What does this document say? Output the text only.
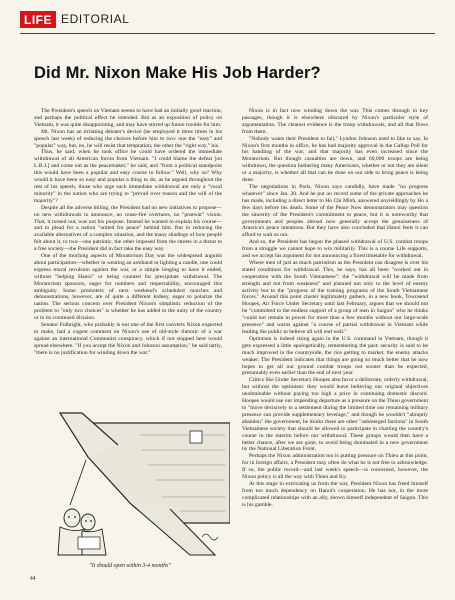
LIFE EDITORIAL
Did Mr. Nixon Make His Job Harder?

The President's speech on Vietnam seems to have had an initially good reaction, and perhaps the political effect he intended. But as an exposition of policy on Vietnam, it was quite disappointing, and may have stirred up future trouble for him.

Mr. Nixon has an irritating debater's device (he employed it three times in his speech last week) of reducing the choices before him to two: one the "easy" and "popular" way, but, no, he will resist that temptation; the other the "right way," his.

Thus, he said, when he took office he could have ordered the immediate withdrawal of all American forces from Vietnam. "I could blame the defeat [on L.B.J.] and come out as the peacemaker," he said, and "from a political standpoint this would have been a popular and easy course to follow." Well, why so? Why would it have been so easy and popular a thing to do, as he argued throughout the rest of his speech, those who urge such immediate withdrawal are only a "vocal minority" in the nation who are trying to "prevail over reason and the will of the majority"?

Despite all the adverse billing, the President had no new initiatives to propose—no new withdrawals to announce, no cease-fire overtures, no "postwar" vision. That, it turned out, was not his purpose. Instead he wanted to explain his course—and to plead for a nation "united for peace" behind him. But in reducing the available alternatives of a complex situation, and the many shadings of how people felt about it, to two—one patriotic, the other imposed from the streets in a threat to a free society—the President did in fact take the easy way.

One of the touching aspects of Moratorium Day was the widespread anguish about participation—whether in wearing an armband or lighting a candle, one could express moral revulsion against the war, or a simple longing to have it ended, without "helping Hanoi" or being counted for precipitate withdrawal. The Moratorium sponsors, eager for numbers and respectability, encouraged this ambiguity. Some promoters of next weekend's scheduled marches and demonstrations, however, are of quite a different kidney, eager to polarize the nation. The serious concern over President Nixon's simplistic reduction of the problem to "only two choices" is whether he has added to the unity of the country or to its continued division.

Senator Fulbright, who probably is not one of the first converts Nixon expected to make, had a cogent comment on Nixon's use of old-style rhetoric of a war against an international Communist conspiracy, which if not stopped here would spread elsewhere. "If you accept the Nixon and Johnson assumption," he said tartly, "there is no justification for winding down the war."

Nixon is in fact now winding down the war. This comes through in key passages, though it is elsewhere obscured by Nixon's particular style of argumentation. The clearest evidence is the troop withdrawals, and all that flows from them.

"Nobody wants their President to fail," Lyndon Johnson used to like to say. In Nixon's first months in office, he has had majority approval in the Gallup Poll for his handling of the war, and that majority has even increased since the Moratorium. But though casualties are down, and 60,000 troops are being withdrawn, the question bothering many Americans, whether or not they are silent or a majority, is whether all that can be done on our side to bring peace is being done.

The negotiations in Paris, Nixon says candidly, have made "no progress whatever" since Jan. 20. And he put on record some of the private approaches he has made, including a direct letter to Ho Chi Minh, answered unyieldingly by Ho a few days before his death. Some of the Peace Now demonstrators may question the sincerity of the President's commitment to peace, but it is noteworthy that governments and peoples abroad now generally accept the genuineness of America's peace intentions. But they have also concluded that Hanoi feels it can afford to wait us out.

And so, the President has begun the phased withdrawal of U.S. combat troops from a struggle we cannot hope to win militarily. This is a course Life supports, and we accept his argument for not announcing a fixed timetable for withdrawal.

Where men of just as much patriotism as the President can disagree is over his stated conditions for withdrawal. This, he says, has all been "worked out in cooperation with the South Vietnamese": the "withdrawal will be made from strength and not from weakness" and planned not only to the level of enemy activity but to the "progress of the training programs of the South Vietnamese forces." Around this point cluster legitimately gathers, in a new book, Townsend Hoopes, Air Force Under Secretary until last February, argues that we should not be "committed to the endless support of a group of men in Saigon" who he thinks "could not remain in power for more than a few months without our large-scale presence" and warns against "a course of partial withdrawal in Vietnam while leading the public to believe all will end well."

Optimism is indeed rising again in the U.S. command in Vietnam, though it gets expressed a little apologetically, remembering the past: security is said to be much improved in the countryside, the rice getting to market, the enemy attacks weaker. The President indicates that things are going so much better that he now hopes to get all our ground combat troops out sooner than he expected, presumably even earlier than the end of next year.

Critics like Under Secretary Hoopes also favor a deliberate, orderly withdrawal, but without the optimism: they would leave believing our original objectives unobtainable without paying too high a price in continuing domestic discord. Hoopes would use our impending departure as a pressure on the Thieu government to "move decisively to a settlement during the limited time our remaining military presence can provide supplementary leverage," and though he wouldn't "abruptly abandon" the government, he thinks there are other "submerged factions" in South Vietnamese society that should be allowed to participate in charting the country's course in the interim before our withdrawal. These groups would then have a better chance, after we are gone, to avoid being dominated in a new government by the National Liberation Front.

Perhaps the Nixon administration too is putting pressure on Thieu at this point, for in foreign affairs, a President may often do what he is not free to acknowledge. If so, the public record—and last week's speech—is concerned, however, the Nixon policy is all the way with Thieu and Ky.

At this stage in extricating us from the war, President Nixon has freed himself from too much dependency on Hanoi's cooperation. He has not, in the more complicated relationships with an ally, shown himself independent of Saigon. This is his gamble.

"It should open within 3-4 months"
44
